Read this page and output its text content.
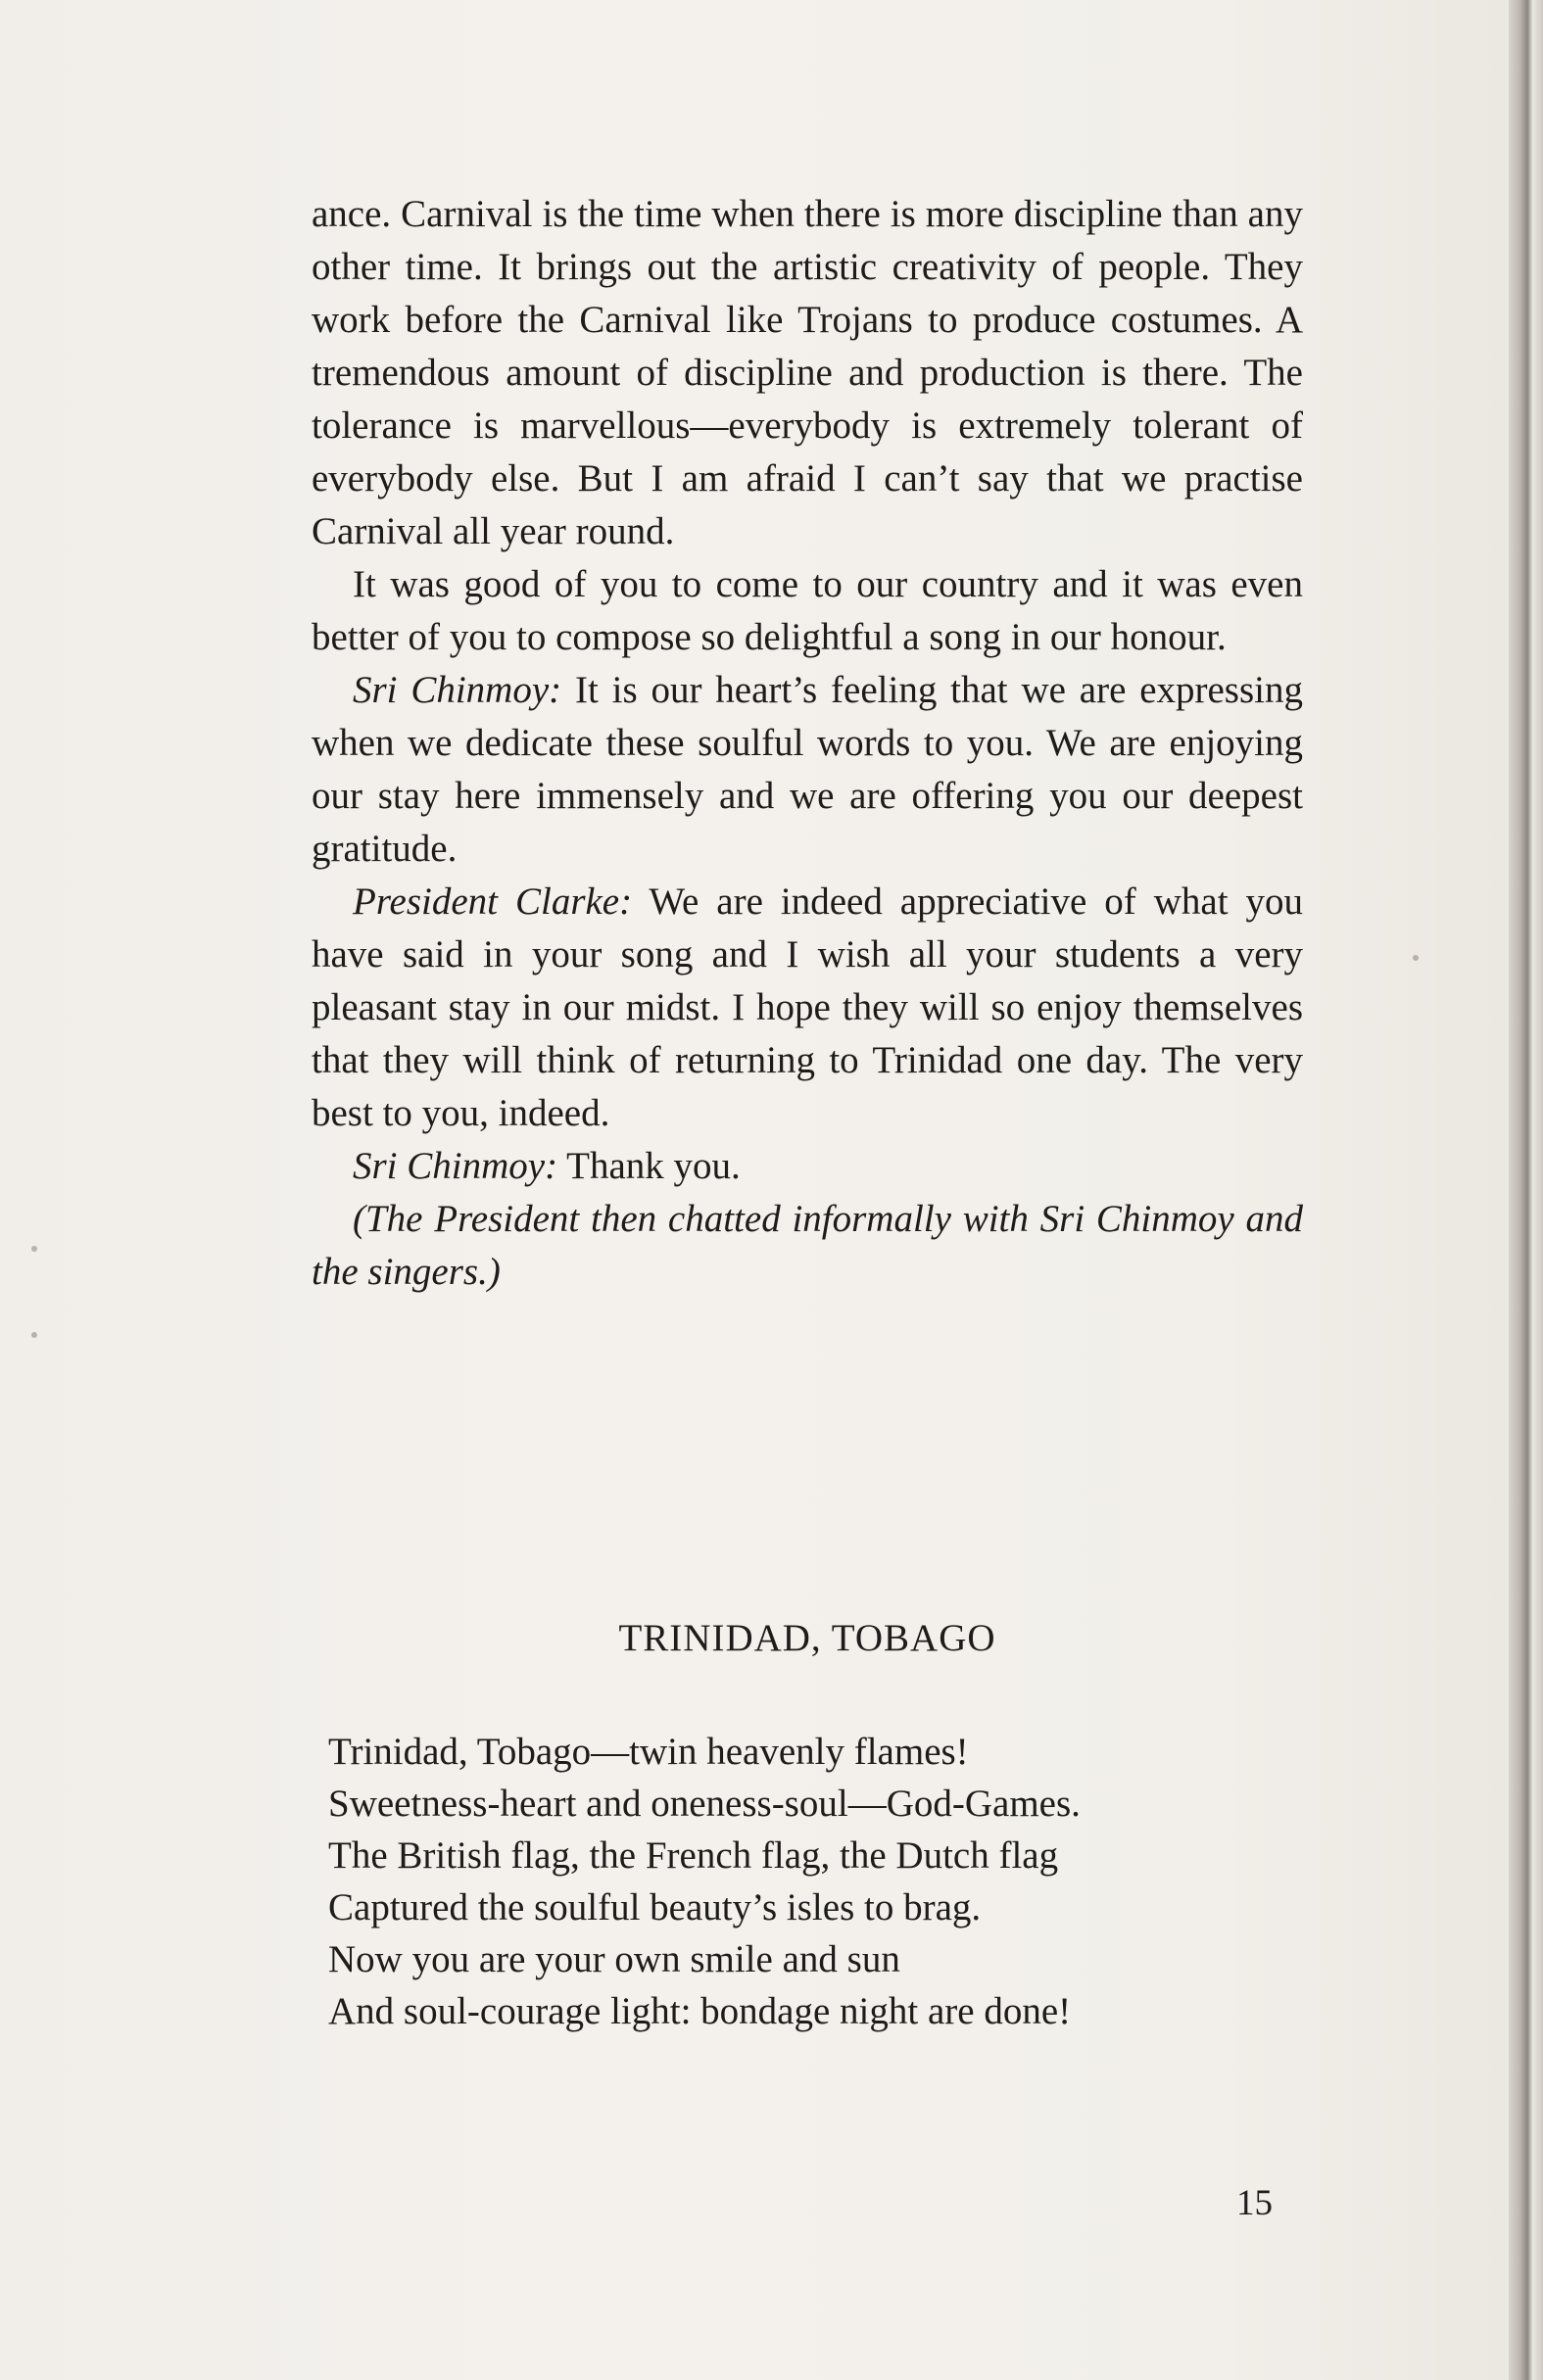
ance. Carnival is the time when there is more discipline than any other time. It brings out the artistic creativity of people. They work before the Carnival like Trojans to produce costumes. A tremendous amount of discipline and production is there. The tolerance is marvellous—everybody is extremely tolerant of everybody else. But I am afraid I can’t say that we practise Carnival all year round.

It was good of you to come to our country and it was even better of you to compose so delightful a song in our honour.

Sri Chinmoy: It is our heart’s feeling that we are expressing when we dedicate these soulful words to you. We are enjoying our stay here immensely and we are offering you our deepest gratitude.

President Clarke: We are indeed appreciative of what you have said in your song and I wish all your students a very pleasant stay in our midst. I hope they will so enjoy themselves that they will think of returning to Trinidad one day. The very best to you, indeed.

Sri Chinmoy: Thank you.

(The President then chatted informally with Sri Chinmoy and the singers.)

TRINIDAD, TOBAGO

Trinidad, Tobago—twin heavenly flames!

Sweetness-heart and oneness-soul—God-Games.

The British flag, the French flag, the Dutch flag

Captured the soulful beauty’s isles to brag.

Now you are your own smile and sun

And soul-courage light: bondage night are done!

15
